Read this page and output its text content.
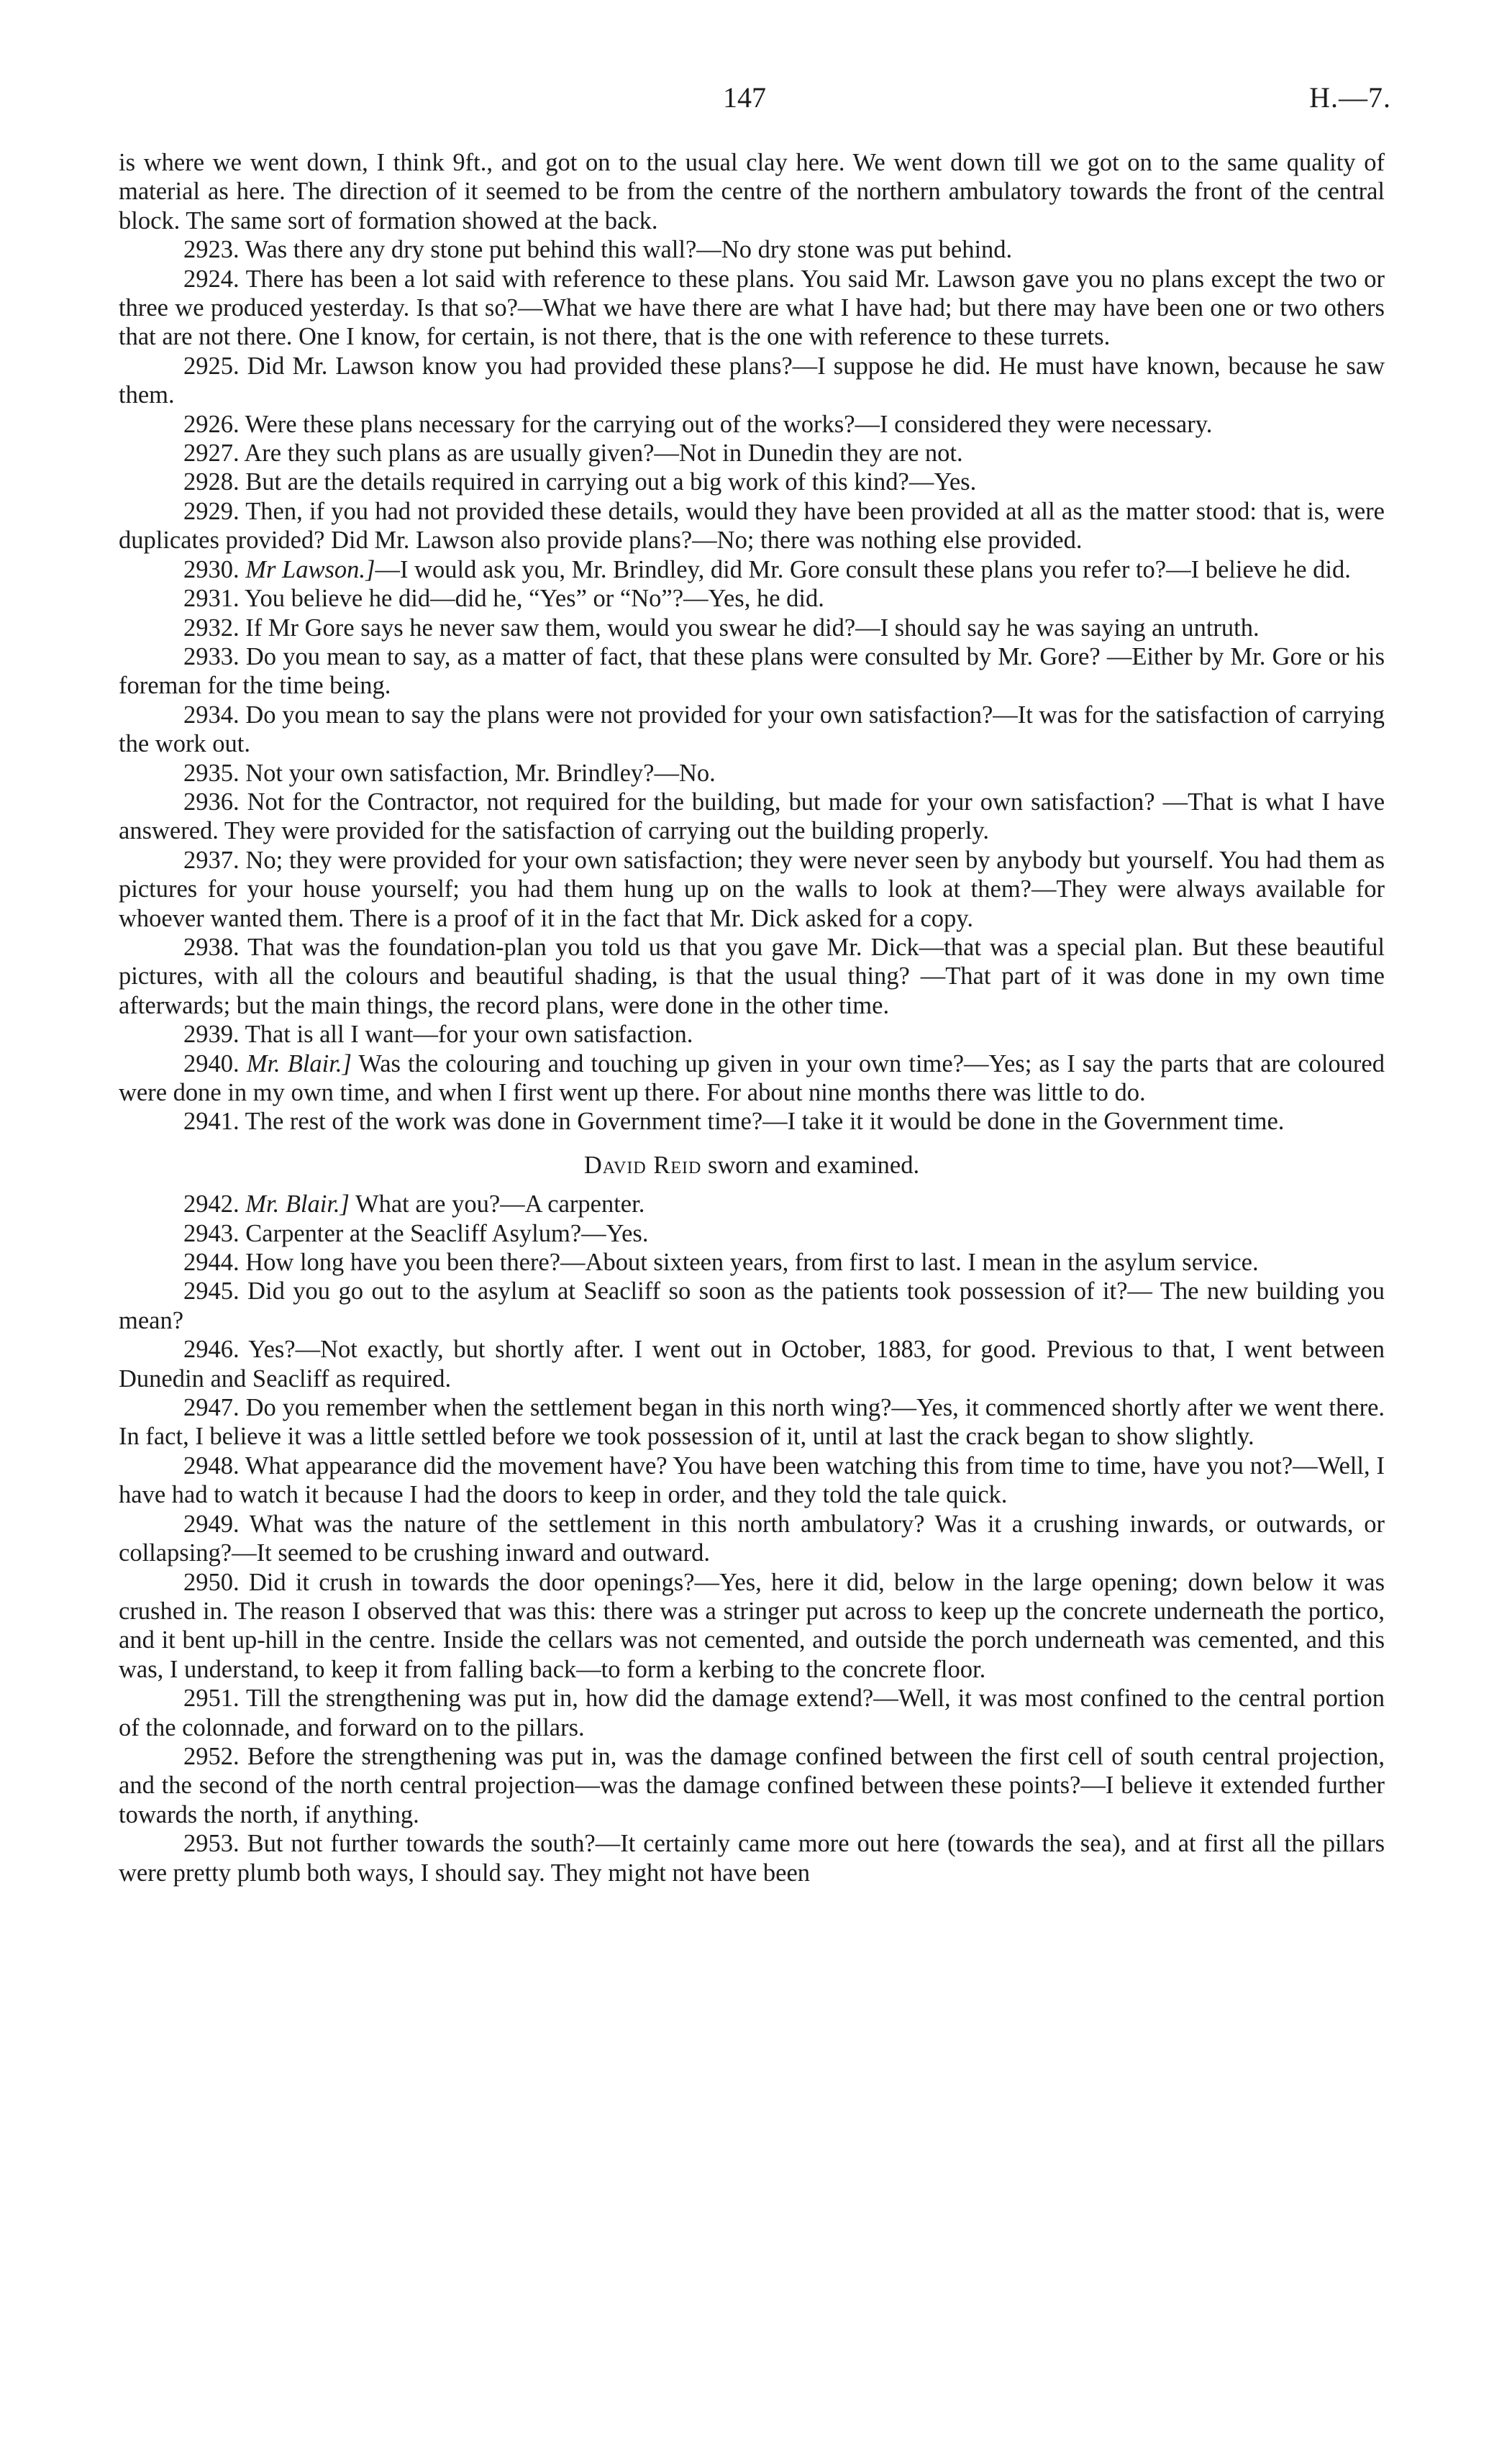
147	H.—7.

is where we went down, I think 9ft., and got on to the usual clay here. We went down till we got on to the same quality of material as here. The direction of it seemed to be from the centre of the northern ambulatory towards the front of the central block. The same sort of formation showed at the back.

2923. Was there any dry stone put behind this wall?—No dry stone was put behind.

2924. There has been a lot said with reference to these plans. You said Mr. Lawson gave you no plans except the two or three we produced yesterday. Is that so?—What we have there are what I have had; but there may have been one or two others that are not there. One I know, for certain, is not there, that is the one with reference to these turrets.

2925. Did Mr. Lawson know you had provided these plans?—I suppose he did. He must have known, because he saw them.

2926. Were these plans necessary for the carrying out of the works?—I considered they were necessary.

2927. Are they such plans as are usually given?—Not in Dunedin they are not.

2928. But are the details required in carrying out a big work of this kind?—Yes.

2929. Then, if you had not provided these details, would they have been provided at all as the matter stood: that is, were duplicates provided? Did Mr. Lawson also provide plans?—No; there was nothing else provided.

2930. Mr Lawson.]—I would ask you, Mr. Brindley, did Mr. Gore consult these plans you refer to?—I believe he did.

2931. You believe he did—did he, “Yes” or “No”?—Yes, he did.

2932. If Mr Gore says he never saw them, would you swear he did?—I should say he was saying an untruth.

2933. Do you mean to say, as a matter of fact, that these plans were consulted by Mr. Gore? —Either by Mr. Gore or his foreman for the time being.

2934. Do you mean to say the plans were not provided for your own satisfaction?—It was for the satisfaction of carrying the work out.

2935. Not your own satisfaction, Mr. Brindley?—No.

2936. Not for the Contractor, not required for the building, but made for your own satisfaction? —That is what I have answered. They were provided for the satisfaction of carrying out the building properly.

2937. No; they were provided for your own satisfaction; they were never seen by anybody but yourself. You had them as pictures for your house yourself; you had them hung up on the walls to look at them?—They were always available for whoever wanted them. There is a proof of it in the fact that Mr. Dick asked for a copy.

2938. That was the foundation-plan you told us that you gave Mr. Dick—that was a special plan. But these beautiful pictures, with all the colours and beautiful shading, is that the usual thing? —That part of it was done in my own time afterwards; but the main things, the record plans, were done in the other time.

2939. That is all I want—for your own satisfaction.

2940. Mr. Blair.] Was the colouring and touching up given in your own time?—Yes; as I say the parts that are coloured were done in my own time, and when I first went up there. For about nine months there was little to do.

2941. The rest of the work was done in Government time?—I take it it would be done in the Government time.

David Reid sworn and examined.

2942. Mr. Blair.] What are you?—A carpenter.

2943. Carpenter at the Seacliff Asylum?—Yes.

2944. How long have you been there?—About sixteen years, from first to last. I mean in the asylum service.

2945. Did you go out to the asylum at Seacliff so soon as the patients took possession of it?— The new building you mean?

2946. Yes?—Not exactly, but shortly after. I went out in October, 1883, for good. Previous to that, I went between Dunedin and Seacliff as required.

2947. Do you remember when the settlement began in this north wing?—Yes, it commenced shortly after we went there. In fact, I believe it was a little settled before we took possession of it, until at last the crack began to show slightly.

2948. What appearance did the movement have? You have been watching this from time to time, have you not?—Well, I have had to watch it because I had the doors to keep in order, and they told the tale quick.

2949. What was the nature of the settlement in this north ambulatory? Was it a crushing inwards, or outwards, or collapsing?—It seemed to be crushing inward and outward.

2950. Did it crush in towards the door openings?—Yes, here it did, below in the large opening; down below it was crushed in. The reason I observed that was this: there was a stringer put across to keep up the concrete underneath the portico, and it bent up-hill in the centre. Inside the cellars was not cemented, and outside the porch underneath was cemented, and this was, I understand, to keep it from falling back—to form a kerbing to the concrete floor.

2951. Till the strengthening was put in, how did the damage extend?—Well, it was most confined to the central portion of the colonnade, and forward on to the pillars.

2952. Before the strengthening was put in, was the damage confined between the first cell of south central projection, and the second of the north central projection—was the damage confined between these points?—I believe it extended further towards the north, if anything.

2953. But not further towards the south?—It certainly came more out here (towards the sea), and at first all the pillars were pretty plumb both ways, I should say. They might not have been
